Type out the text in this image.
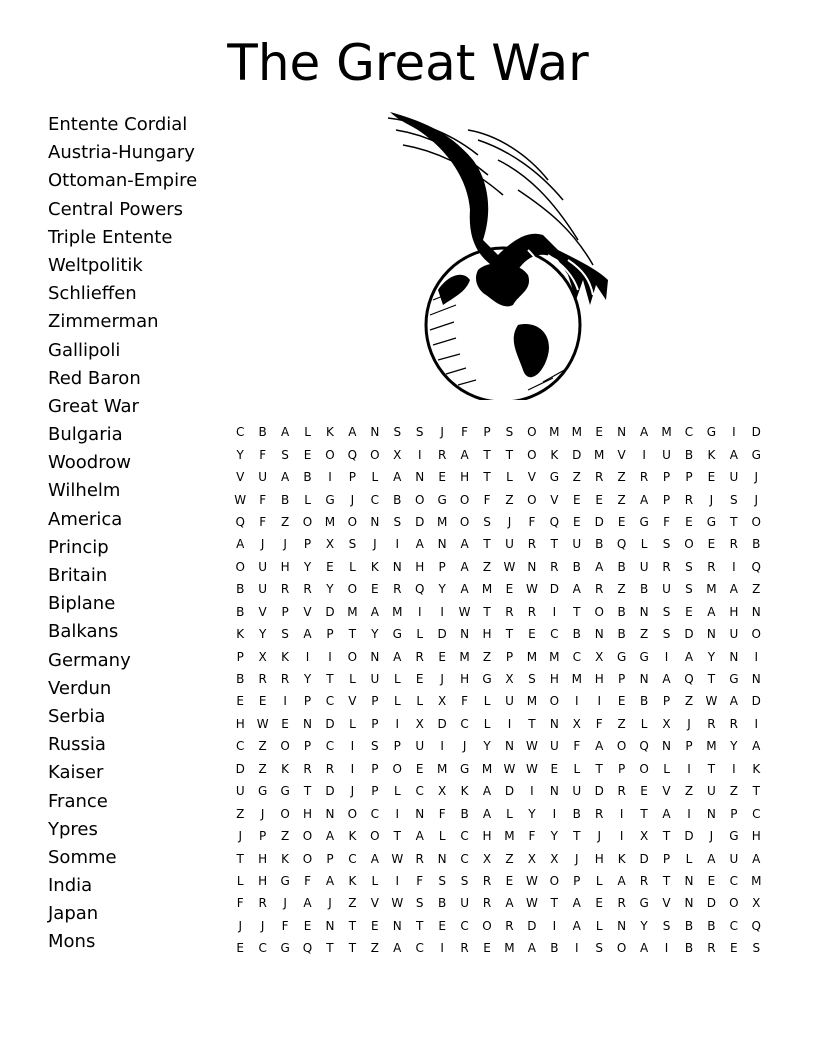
The Great War
Entente Cordial
Austria-Hungary
Ottoman-Empire
Central Powers
Triple Entente
Weltpolitik
Schlieffen
Zimmerman
Gallipoli
Red Baron
Great War
Bulgaria
Woodrow
Wilhelm
America
Princip
Britain
Biplane
Balkans
Germany
Verdun
Serbia
Russia
Kaiser
France
Ypres
Somme
India
Japan
Mons
C	B	A	L	K	A	N	S	S	J	F	P	S	O	M	M	E	N	A	M	C	G	I	D
Y	F	S	E	O	Q	O	X	I	R	A	T	T	O	K	D	M	V	I	U	B	K	A	G
V	U	A	B	I	P	L	A	N	E	H	T	L	V	G	Z	R	Z	R	P	P	E	U	J
W	F	B	L	G	J	C	B	O	G	O	F	Z	O	V	E	E	Z	A	P	R	J	S	J
Q	F	Z	O	M	O	N	S	D	M	O	S	J	F	Q	E	D	E	G	F	E	G	T	O
A	J	J	P	X	S	J	I	A	N	A	T	U	R	T	U	B	Q	L	S	O	E	R	B
O	U	H	Y	E	L	K	N	H	P	A	Z	W	N	R	B	A	B	U	R	S	R	I	Q
B	U	R	R	Y	O	E	R	Q	Y	A	M	E	W	D	A	R	Z	B	U	S	M	A	Z
B	V	P	V	D	M	A	M	I	I	W	T	R	R	I	T	O	B	N	S	E	A	H	N
K	Y	S	A	P	T	Y	G	L	D	N	H	T	E	C	B	N	B	Z	S	D	N	U	O
P	X	K	I	I	O	N	A	R	E	M	Z	P	M	M	C	X	G	G	I	A	Y	N	I
B	R	R	Y	T	L	U	L	E	J	H	G	X	S	H	M	H	P	N	A	Q	T	G	N
E	E	I	P	C	V	P	L	L	X	F	L	U	M	O	I	I	E	B	P	Z	W	A	D
H	W	E	N	D	L	P	I	X	D	C	L	I	T	N	X	F	Z	L	X	J	R	R	I
C	Z	O	P	C	I	S	P	U	I	J	Y	N	W	U	F	A	O	Q	N	P	M	Y	A
D	Z	K	R	R	I	P	O	E	M	G	M	W	W	E	L	T	P	O	L	I	T	I	K
U	G	G	T	D	J	P	L	C	X	K	A	D	I	N	U	D	R	E	V	Z	U	Z	T
Z	J	O	H	N	O	C	I	N	F	B	A	L	Y	I	B	R	I	T	A	I	N	P	C
J	P	Z	O	A	K	O	T	A	L	C	H	M	F	Y	T	J	I	X	T	D	J	G	H
T	H	K	O	P	C	A	W	R	N	C	X	Z	X	X	J	H	K	D	P	L	A	U	A
L	H	G	F	A	K	L	I	F	S	S	R	E	W	O	P	L	A	R	T	N	E	C	M
F	R	J	A	J	Z	V	W	S	B	U	R	A	W	T	A	E	R	G	V	N	D	O	X
J	J	F	E	N	T	E	N	T	E	C	O	R	D	I	A	L	N	Y	S	B	B	C	Q
E	C	G	Q	T	T	Z	A	C	I	R	E	M	A	B	I	S	O	A	I	B	R	E	S
